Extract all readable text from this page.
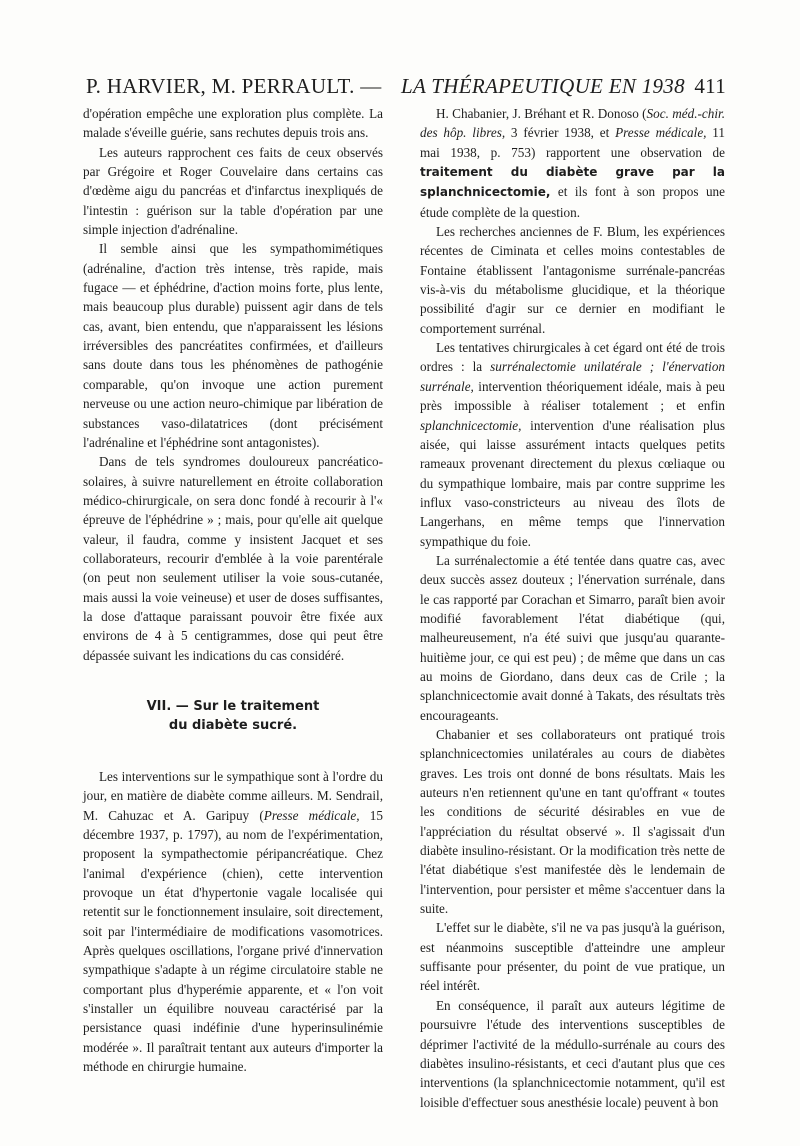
P. HARVIER, M. PERRAULT. — LA THÉRAPEUTIQUE EN 1938 411

d'opération empêche une exploration plus complète. La malade s'éveille guérie, sans rechutes depuis trois ans.

Les auteurs rapprochent ces faits de ceux observés par Grégoire et Roger Couvelaire dans certains cas d'œdème aigu du pancréas et d'infarctus inexpliqués de l'intestin : guérison sur la table d'opération par une simple injection d'adrénaline.

Il semble ainsi que les sympathomimétiques (adrénaline, d'action très intense, très rapide, mais fugace — et éphédrine, d'action moins forte, plus lente, mais beaucoup plus durable) puissent agir dans de tels cas, avant, bien entendu, que n'apparaissent les lésions irréversibles des pancréatites confirmées, et d'ailleurs sans doute dans tous les phénomènes de pathogénie comparable, qu'on invoque une action purement nerveuse ou une action neuro-chimique par libération de substances vaso-dilatatrices (dont précisément l'adrénaline et l'éphédrine sont antagonistes).

Dans de tels syndromes douloureux pancréatico-solaires, à suivre naturellement en étroite collaboration médico-chirurgicale, on sera donc fondé à recourir à l'« épreuve de l'éphédrine » ; mais, pour qu'elle ait quelque valeur, il faudra, comme y insistent Jacquet et ses collaborateurs, recourir d'emblée à la voie parentérale (on peut non seulement utiliser la voie sous-cutanée, mais aussi la voie veineuse) et user de doses suffisantes, la dose d'attaque paraissant pouvoir être fixée aux environs de 4 à 5 centigrammes, dose qui peut être dépassée suivant les indications du cas considéré.

VII. — Sur le traitement
du diabète sucré.

Les interventions sur le sympathique sont à l'ordre du jour, en matière de diabète comme ailleurs. M. Sendrail, M. Cahuzac et A. Garipuy (Presse médicale, 15 décembre 1937, p. 1797), au nom de l'expérimentation, proposent la sympathectomie péripancréatique. Chez l'animal d'expérience (chien), cette intervention provoque un état d'hypertonie vagale localisée qui retentit sur le fonctionnement insulaire, soit directement, soit par l'intermédiaire de modifications vasomotrices. Après quelques oscillations, l'organe privé d'innervation sympathique s'adapte à un régime circulatoire stable ne comportant plus d'hyperémie apparente, et « l'on voit s'installer un équilibre nouveau caractérisé par la persistance quasi indéfinie d'une hyperinsulinémie modérée ». Il paraîtrait tentant aux auteurs d'importer la méthode en chirurgie humaine.

H. Chabanier, J. Bréhant et R. Donoso (Soc. méd.-chir. des hôp. libres, 3 février 1938, et Presse médicale, 11 mai 1938, p. 753) rapportent une observation de traitement du diabète grave par la splanchnicectomie, et ils font à son propos une étude complète de la question.

Les recherches anciennes de F. Blum, les expériences récentes de Ciminata et celles moins contestables de Fontaine établissent l'antagonisme surrénale-pancréas vis-à-vis du métabolisme glucidique, et la théorique possibilité d'agir sur ce dernier en modifiant le comportement surrénal.

Les tentatives chirurgicales à cet égard ont été de trois ordres : la surrénalectomie unilatérale ; l'énervation surrénale, intervention théoriquement idéale, mais à peu près impossible à réaliser totalement ; et enfin splanchnicectomie, intervention d'une réalisation plus aisée, qui laisse assurément intacts quelques petits rameaux provenant directement du plexus cœliaque ou du sympathique lombaire, mais par contre supprime les influx vaso-constricteurs au niveau des îlots de Langerhans, en même temps que l'innervation sympathique du foie.

La surrénalectomie a été tentée dans quatre cas, avec deux succès assez douteux ; l'énervation surrénale, dans le cas rapporté par Corachan et Simarro, paraît bien avoir modifié favorablement l'état diabétique (qui, malheureusement, n'a été suivi que jusqu'au quarante-huitième jour, ce qui est peu) ; de même que dans un cas au moins de Giordano, dans deux cas de Crile ; la splanchnicectomie avait donné à Takats, des résultats très encourageants.

Chabanier et ses collaborateurs ont pratiqué trois splanchnicectomies unilatérales au cours de diabètes graves. Les trois ont donné de bons résultats. Mais les auteurs n'en retiennent qu'une en tant qu'offrant « toutes les conditions de sécurité désirables en vue de l'appréciation du résultat observé ». Il s'agissait d'un diabète insulino-résistant. Or la modification très nette de l'état diabétique s'est manifestée dès le lendemain de l'intervention, pour persister et même s'accentuer dans la suite.

L'effet sur le diabète, s'il ne va pas jusqu'à la guérison, est néanmoins susceptible d'atteindre une ampleur suffisante pour présenter, du point de vue pratique, un réel intérêt.

En conséquence, il paraît aux auteurs légitime de poursuivre l'étude des interventions susceptibles de déprimer l'activité de la médullo-surrénale au cours des diabètes insulino-résistants, et ceci d'autant plus que ces interventions (la splanchnicectomie notamment, qu'il est loisible d'effectuer sous anesthésie locale) peuvent à bon
